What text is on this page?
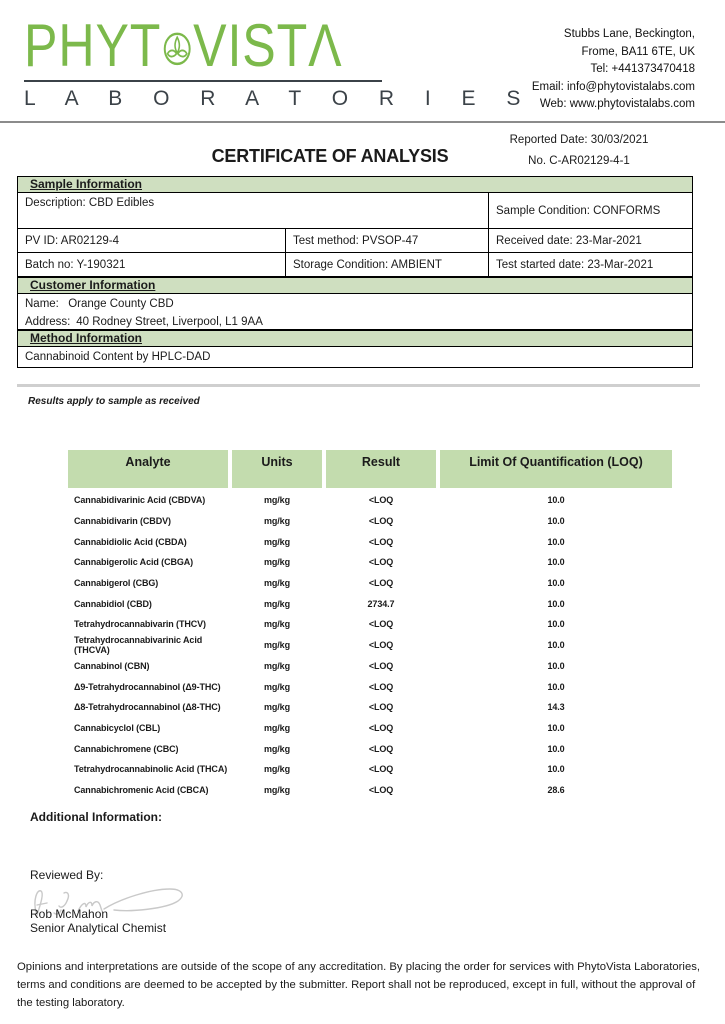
PHYT VIST Λ
L A B O R A T O R I E S
Stubbs Lane, Beckington,
Frome, BA11 6TE, UK
Tel: +441373470418
Email: info@phytovistalabs.com
Web: www.phytovistalabs.com
Reported Date: 30/03/2021
No. C-AR02129-4-1
CERTIFICATE OF ANALYSIS
Sample Information
Description: CBD Edibles
Sample Condition: CONFORMS
PV ID: AR02129-4	Test method: PVSOP-47	Received date: 23-Mar-2021
Batch no: Y-190321	Storage Condition: AMBIENT	Test started date: 23-Mar-2021
Customer Information
Name: Orange County CBD
Address: 40 Rodney Street, Liverpool, L1 9AA
Method Information
Cannabinoid Content by HPLC-DAD
Results apply to sample as received
Analyte	Units	Result	Limit Of Quantification (LOQ)
Cannabidivarinic Acid (CBDVA)	mg/kg	<LOQ	10.0
Cannabidivarin (CBDV)	mg/kg	<LOQ	10.0
Cannabidiolic Acid (CBDA)	mg/kg	<LOQ	10.0
Cannabigerolic Acid (CBGA)	mg/kg	<LOQ	10.0
Cannabigerol (CBG)	mg/kg	<LOQ	10.0
Cannabidiol (CBD)	mg/kg	2734.7	10.0
Tetrahydrocannabivarin (THCV)	mg/kg	<LOQ	10.0
Tetrahydrocannabivarinic Acid (THCVA)	mg/kg	<LOQ	10.0
Cannabinol (CBN)	mg/kg	<LOQ	10.0
Δ9-Tetrahydrocannabinol (Δ9-THC)	mg/kg	<LOQ	10.0
Δ8-Tetrahydrocannabinol (Δ8-THC)	mg/kg	<LOQ	14.3
Cannabicyclol (CBL)	mg/kg	<LOQ	10.0
Cannabichromene (CBC)	mg/kg	<LOQ	10.0
Tetrahydrocannabinolic Acid (THCA)	mg/kg	<LOQ	10.0
Cannabichromenic Acid (CBCA)	mg/kg	<LOQ	28.6
Additional Information:
Reviewed By:
Rob McMahon
Senior Analytical Chemist
Opinions and interpretations are outside of the scope of any accreditation. By placing the order for services with PhytoVista Laboratories, terms and conditions are deemed to be accepted by the submitter. Report shall not be reproduced, except in full, without the approval of the testing laboratory.
